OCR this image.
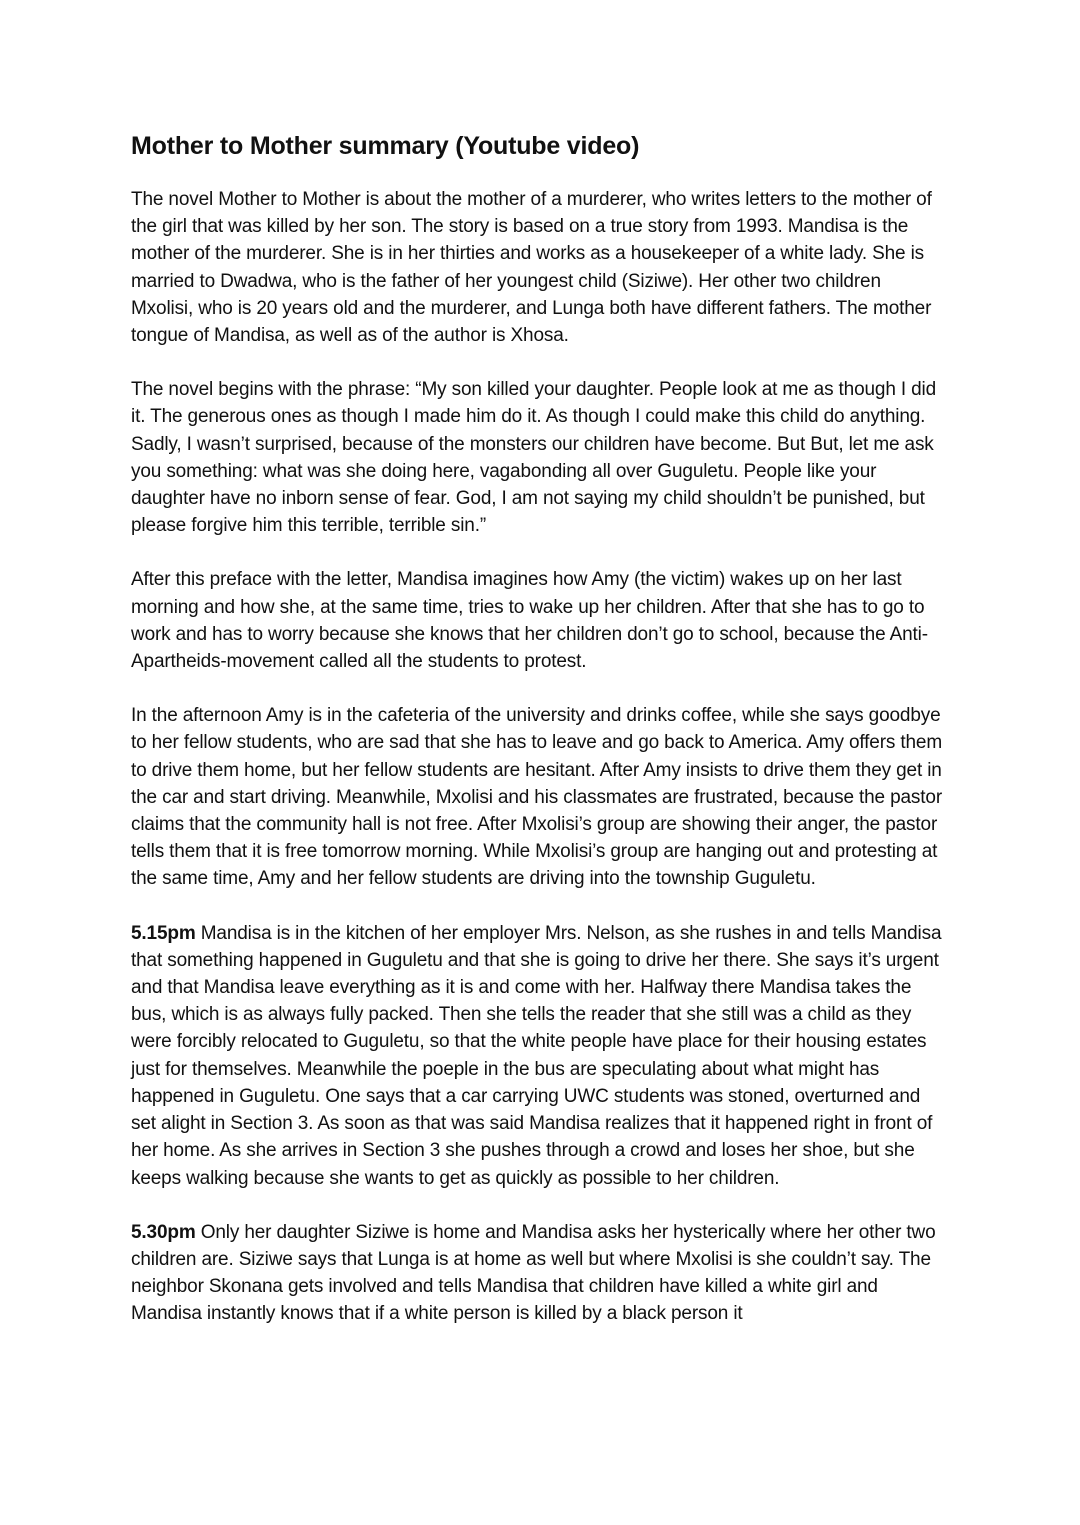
Mother to Mother summary (Youtube video)

The novel Mother to Mother is about the mother of a murderer, who writes letters to the mother of the girl that was killed by her son. The story is based on a true story from 1993. Mandisa is the mother of the murderer. She is in her thirties and works as a housekeeper of a white lady. She is married to Dwadwa, who is the father of her youngest child (Siziwe). Her other two children Mxolisi, who is 20 years old and the murderer, and Lunga both have different fathers. The mother tongue of Mandisa, as well as of the author is Xhosa.

The novel begins with the phrase: “My son killed your daughter. People look at me as though I did it. The generous ones as though I made him do it. As though I could make this child do anything. Sadly, I wasn’t surprised, because of the monsters our children have become. But But, let me ask you something: what was she doing here, vagabonding all over Guguletu. People like your daughter have no inborn sense of fear. God, I am not saying my child shouldn’t be punished, but please forgive him this terrible, terrible sin.”

After this preface with the letter, Mandisa imagines how Amy (the victim) wakes up on her last morning and how she, at the same time, tries to wake up her children. After that she has to go to work and has to worry because she knows that her children don’t go to school, because the Anti-Apartheids-movement called all the students to protest.

In the afternoon Amy is in the cafeteria of the university and drinks coffee, while she says goodbye to her fellow students, who are sad that she has to leave and go back to America. Amy offers them to drive them home, but her fellow students are hesitant. After Amy insists to drive them they get in the car and start driving. Meanwhile, Mxolisi and his classmates are frustrated, because the pastor claims that the community hall is not free. After Mxolisi’s group are showing their anger, the pastor tells them that it is free tomorrow morning. While Mxolisi’s group are hanging out and protesting at the same time, Amy and her fellow students are driving into the township Guguletu.

5.15pm Mandisa is in the kitchen of her employer Mrs. Nelson, as she rushes in and tells Mandisa that something happened in Guguletu and that she is going to drive her there. She says it’s urgent and that Mandisa leave everything as it is and come with her. Halfway there Mandisa takes the bus, which is as always fully packed. Then she tells the reader that she still was a child as they were forcibly relocated to Guguletu, so that the white people have place for their housing estates just for themselves. Meanwhile the poeple in the bus are speculating about what might has happened in Guguletu. One says that a car carrying UWC students was stoned, overturned and set alight in Section 3. As soon as that was said Mandisa realizes that it happened right in front of her home. As she arrives in Section 3 she pushes through a crowd and loses her shoe, but she keeps walking because she wants to get as quickly as possible to her children.

5.30pm Only her daughter Siziwe is home and Mandisa asks her hysterically where her other two children are. Siziwe says that Lunga is at home as well but where Mxolisi is she couldn’t say. The neighbor Skonana gets involved and tells Mandisa that children have killed a white girl and Mandisa instantly knows that if a white person is killed by a black person it
